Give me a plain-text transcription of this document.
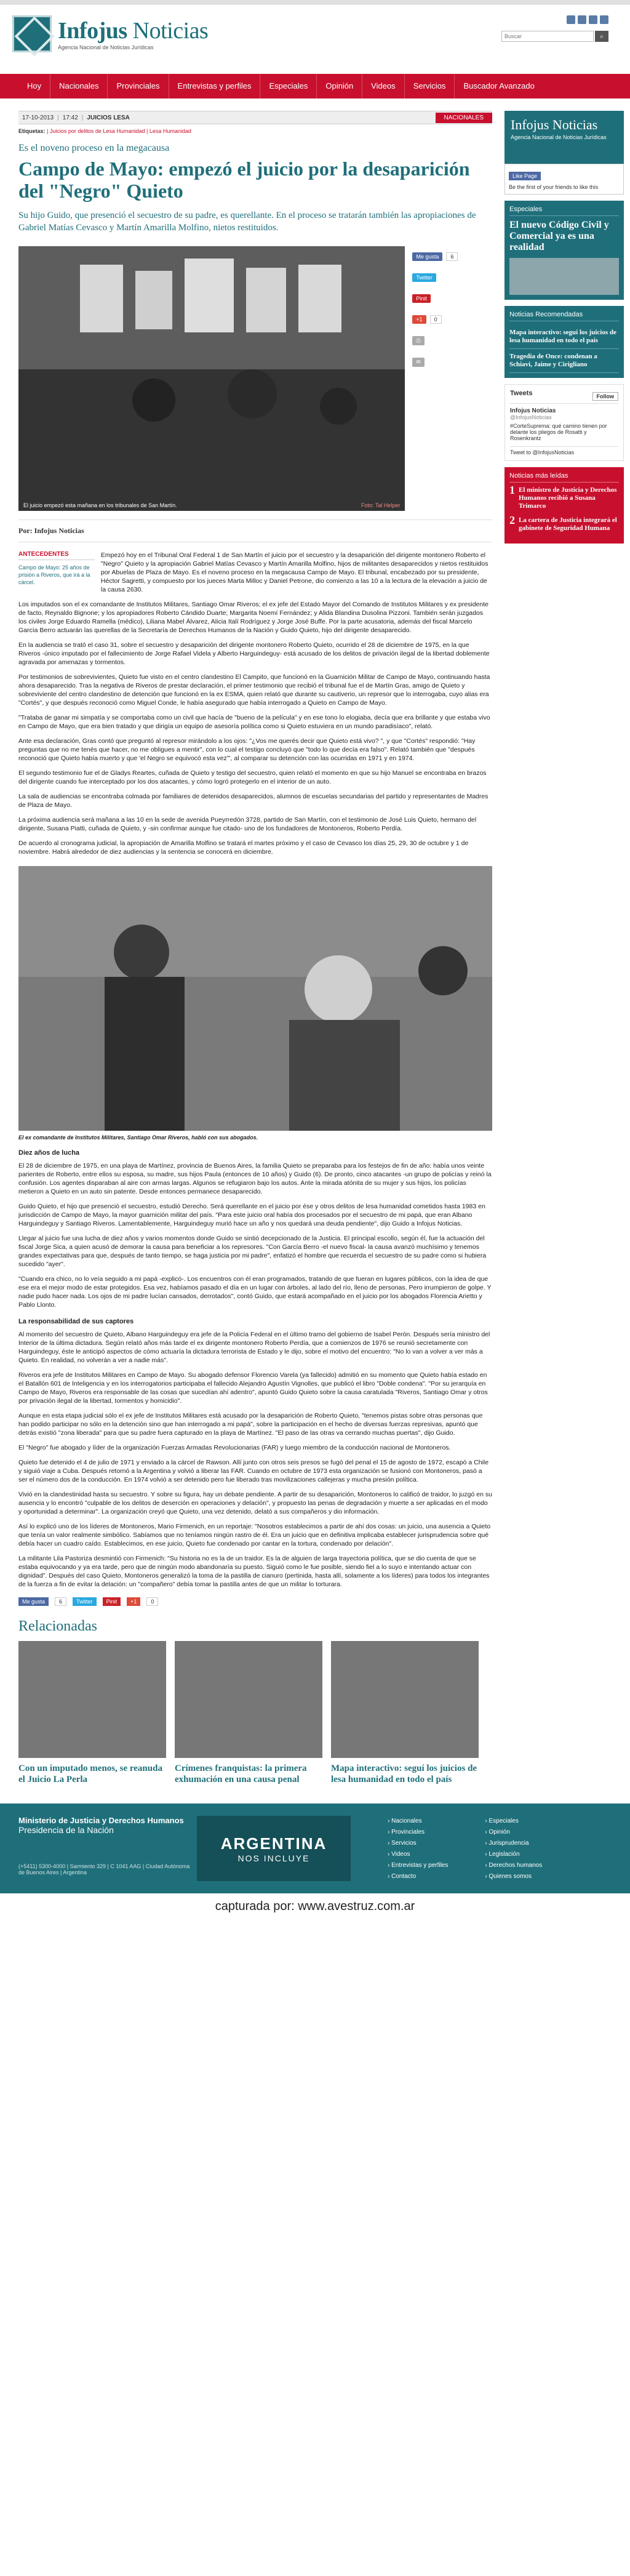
Infojus Noticias
Agencia Nacional de Noticias Jurídicas
Buscar
⌕
Hoy	Nacionales	Provinciales	Entrevistas y perfiles	Especiales	Opinión	Videos	Servicios	Buscador Avanzado
17-10-2013 | 17:42 | JUICIOS LESA	NACIONALES
Etiquetas: | Juicios por delitos de Lesa Humanidad | Lesa Humanidad
Es el noveno proceso en la megacausa
Campo de Mayo: empezó el juicio por la desaparición del "Negro" Quieto
Su hijo Guido, que presenció el secuestro de su padre, es querellante. En el proceso se tratarán también las apropiaciones de Gabriel Matías Cevasco y Martín Amarilla Molfino, nietos restituidos.
El juicio empezó esta mañana en los tribunales de San Martín.	Foto: Tal Helper
Me gusta	6
Twitter
Pinit
+1	0
⎙
✉
Por: Infojus Noticias
ANTECEDENTES
Campo de Mayo: 25 años de prisión a Riveros, que irá a la cárcel.

Empezó hoy en el Tribunal Oral Federal 1 de San Martín el juicio por el secuestro y la desaparición del dirigente montonero Roberto el "Negro" Quieto y la apropiación Gabriel Matías Cevasco y Martín Amarilla Molfino, hijos de militantes desaparecidos y nietos restituidos por Abuelas de Plaza de Mayo. Es el noveno proceso en la megacausa Campo de Mayo. El tribunal, encabezado por su presidente, Héctor Sagretti, y compuesto por los jueces Marta Milloc y Daniel Petrone, dio comienzo a las 10 a la lectura de la elevación a juicio de la causa 2630.

Los imputados son el ex comandante de Institutos Militares, Santiago Omar Riveros; el ex jefe del Estado Mayor del Comando de Institutos Militares y ex presidente de facto, Reynaldo Bignone; y los apropiadores Roberto Cándido Duarte; Margarita Noemí Fernández; y Alida Blandina Dusolina Pizzoni. También serán juzgados los civiles Jorge Eduardo Ramella (médico), Liliana Mabel Álvarez, Alicia Italí Rodríguez y Jorge José Buffe. Por la parte acusatoria, además del fiscal Marcelo García Berro actuarán las querellas de la Secretaría de Derechos Humanos de la Nación y Guido Quieto, hijo del dirigente desaparecido.

En la audiencia se trató el caso 31, sobre el secuestro y desaparición del dirigente montonero Roberto Quieto, ocurrido el 28 de diciembre de 1975, en la que Riveros -único imputado por el fallecimiento de Jorge Rafael Videla y Alberto Harguindeguy- está acusado de los delitos de privación ilegal de la libertad doblemente agravada por amenazas y tormentos.

Por testimonios de sobrevivientes, Quieto fue visto en el centro clandestino El Campito, que funcionó en la Guarnición Militar de Campo de Mayo, continuando hasta ahora desaparecido. Tras la negativa de Riveros de prestar declaración, el primer testimonio que recibió el tribunal fue el de Martín Gras, amigo de Quieto y sobreviviente del centro clandestino de detención que funcionó en la ex ESMA, quien relató que durante su cautiverio, un represor que lo interrogaba, cuyo alias era "Cortés", y que después reconoció como Miguel Conde, le había asegurado que había interrogado a Quieto en Campo de Mayo.

"Trataba de ganar mi simpatía y se comportaba como un civil que hacía de "bueno de la película" y en ese tono lo elogiaba, decía que era brillante y que estaba vivo en Campo de Mayo, que era bien tratado y que dirigía un equipo de asesoría política como si Quieto estuviera en un mundo paradisíaco", relató.

Ante esa declaración, Gras contó que preguntó al represor mirándolo a los ojos: "¿Vos me querés decir que Quieto está vivo? ", y que "Cortés" respondió: "Hay preguntas que no me tenés que hacer, no me obligues a mentir", con lo cual el testigo concluyó que "todo lo que decía era falso". Relató también que "después reconoció que Quieto había muerto y que 'el Negro se equivocó esta vez'", al comparar su detención con las ocurridas en 1971 y en 1974.

El segundo testimonio fue el de Gladys Reartes, cuñada de Quieto y testigo del secuestro, quien relató el momento en que su hijo Manuel se encontraba en brazos del dirigente cuando fue interceptado por los dos atacantes, y cómo logró protegerlo en el interior de un auto.

La sala de audiencias se encontraba colmada por familiares de detenidos desaparecidos, alumnos de escuelas secundarias del partido y representantes de Madres de Plaza de Mayo.

La próxima audiencia será mañana a las 10 en la sede de avenida Pueyrredón 3728, partido de San Martín, con el testimonio de José Luis Quieto, hermano del dirigente, Susana Piatti, cuñada de Quieto, y -sin confirmar aunque fue citado- uno de los fundadores de Montoneros, Roberto Perdía.

De acuerdo al cronograma judicial, la apropiación de Amarilla Molfino se tratará el martes próximo y el caso de Cevasco los días 25, 29, 30 de octubre y 1 de noviembre. Habrá alrededor de diez audiencias y la sentencia se conocerá en diciembre.

El ex comandante de Institutos Militares, Santiago Omar Riveros, habló con sus abogados.
Diez años de lucha

El 28 de diciembre de 1975, en una playa de Martínez, provincia de Buenos Aires, la familia Quieto se preparaba para los festejos de fin de año: había unos veinte parientes de Roberto, entre ellos su esposa, su madre, sus hijos Paula (entonces de 10 años) y Guido (6). De pronto, cinco atacantes -un grupo de policías y reinó la confusión. Los agentes disparaban al aire con armas largas. Algunos se refugiaron bajo los autos. Ante la mirada atónita de su mujer y sus hijos, los policías metieron a Quieto en un auto sin patente. Desde entonces permanece desaparecido.

Guido Quieto, el hijo que presenció el secuestro, estudió Derecho. Será querellante en el juicio por ése y otros delitos de lesa humanidad cometidos hasta 1983 en jurisdicción de Campo de Mayo, la mayor guarnición militar del país. "Para este juicio oral había dos procesados por el secuestro de mi papá, que eran Albano Harguindeguy y Santiago Riveros. Lamentablemente, Harguindeguy murió hace un año y nos quedará una deuda pendiente", dijo Guido a Infojus Noticias.

Llegar al juicio fue una lucha de diez años y varios momentos donde Guido se sintió decepcionado de la Justicia. El principal escollo, según él, fue la actuación del fiscal Jorge Sica, a quien acusó de demorar la causa para beneficiar a los represores. "Con García Berro -el nuevo fiscal- la causa avanzó muchísimo y tenemos grandes expectativas para que, después de tanto tiempo, se haga justicia por mi padre", enfatizó el hombre que recuerda el secuestro de su padre como si hubiera sucedido "ayer".

"Cuando era chico, no lo veía seguido a mi papá -explicó-. Los encuentros con él eran programados, tratando de que fueran en lugares públicos, con la idea de que ese era el mejor modo de estar protegidos. Esa vez, habíamos pasado el día en un lugar con árboles, al lado del río, lleno de personas. Pero irrumpieron de golpe. Y nadie pudo hacer nada. Los ojos de mi padre lucían cansados, derrotados", contó Guido, que estará acompañado en el juicio por los abogados Florencia Arietto y Pablo Llonto.

La responsabilidad de sus captores

Al momento del secuestro de Quieto, Albano Harguindeguy era jefe de la Policía Federal en el último tramo del gobierno de Isabel Perón. Después sería ministro del Interior de la última dictadura. Según relató años más tarde el ex dirigente montonero Roberto Perdía, que a comienzos de 1976 se reunió secretamente con Harguindeguy, éste le anticipó aspectos de cómo actuaría la dictadura terrorista de Estado y le dijo, sobre el motivo del encuentro: "No lo van a volver a ver más a Quieto. En realidad, no volverán a ver a nadie más".

Riveros era jefe de Institutos Militares en Campo de Mayo. Su abogado defensor Florencio Varela (ya fallecido) admitió en su momento que Quieto había estado en el Batallón 601 de Inteligencia y en los interrogatorios participaba el fallecido Alejandro Agustín Vignolles, que publicó el libro "Doble condena". "Por su jerarquía en Campo de Mayo, Riveros era responsable de las cosas que sucedían ahí adentro", apuntó Guido Quieto sobre la causa caratulada "Riveros, Santiago Omar y otros por privación ilegal de la libertad, tormentos y homicidio".

Aunque en esta etapa judicial sólo el ex jefe de Institutos Militares está acusado por la desaparición de Roberto Quieto, "tenemos pistas sobre otras personas que han podido participar no sólo en la detención sino que han interrogado a mi papá", sobre la participación en el hecho de diversas fuerzas represivas, apuntó que detrás existió "zona liberada" para que su padre fuera capturado en la playa de Martínez. "El paso de las otras va cerrando muchas puertas", dijo Guido.

El "Negro" fue abogado y líder de la organización Fuerzas Armadas Revolucionarias (FAR) y luego miembro de la conducción nacional de Montoneros.

Quieto fue detenido el 4 de julio de 1971 y enviado a la cárcel de Rawson. Allí junto con otros seis presos se fugó del penal el 15 de agosto de 1972, escapó a Chile y siguió viaje a Cuba. Después retornó a la Argentina y volvió a liberar las FAR. Cuando en octubre de 1973 esta organización se fusionó con Montoneros, pasó a ser el número dos de la conducción. En 1974 volvió a ser detenido pero fue liberado tras movilizaciones callejeras y mucha presión política.

Vivió en la clandestinidad hasta su secuestro. Y sobre su figura, hay un debate pendiente. A partir de su desaparición, Montoneros lo calificó de traidor, lo juzgó en su ausencia y lo encontró "culpable de los delitos de deserción en operaciones y delación", y propuesto las penas de degradación y muerte a ser aplicadas en el modo y oportunidad a determinar". La organización creyó que Quieto, una vez detenido, delató a sus compañeros y dio información.

Así lo explicó uno de los líderes de Montoneros, Mario Firmenich, en un reportaje: "Nosotros establecimos a partir de ahí dos cosas: un juicio, una ausencia a Quieto que tenía un valor realmente simbólico. Sabíamos que no teníamos ningún rastro de él. Era un juicio que en definitiva implicaba establecer jurisprudencia sobre qué debía hacer un cuadro caído. Establecimos, en ese juicio, Quieto fue condenado por cantar en la tortura, condenado por delación".

La militante Lila Pastoriza desmintió con Firmenich: "Su historia no es la de un traidor. Es la de alguien de larga trayectoria política, que se dio cuenta de que se estaba equivocando y ya era tarde, pero que de ningún modo abandonaría su puesto. Siguió como le fue posible, siendo fiel a lo suyo e intentando actuar con dignidad". Después del caso Quieto, Montoneros generalizó la toma de la pastilla de cianuro (pertinida, hasta allí, solamente a los líderes) para todos los integrantes de la fuerza a fin de evitar la delación: un "compañero" debía tomar la pastilla antes de que un militar lo torturara.

Me gusta	6	Twitter	Pinit	+1	0
Infojus Noticias
Agencia Nacional de Noticias Jurídicas
Like Page
Be the first of your friends to like this
Especiales
El nuevo Código Civil y Comercial ya es una realidad
Noticias Recomendadas
Mapa interactivo: seguí los juicios de lesa humanidad en todo el país
Tragedia de Once: condenan a Schiavi, Jaime y Cirigliano
Tweets	Follow
Infojus Noticias
@InfojusNoticias
#CorteSuprema: qué camino tienen por delante los pliegos de Rosatti y Rosenkrantz
Tweet to @InfojusNoticias
Noticias más leídas
1 El ministro de Justicia y Derechos Humanos recibió a Susana Trimarco
2 La cartera de Justicia integrará el gabinete de Seguridad Humana
Relacionadas
Con un imputado menos, se reanuda el Juicio La Perla
Crímenes franquistas: la primera exhumación en una causa penal
Mapa interactivo: seguí los juicios de lesa humanidad en todo el país
Ministerio de Justicia y Derechos Humanos
Presidencia de la Nación
(+5411) 5300-4000 | Sarmiento 329 | C 1041 AAG | Ciudad Autónoma de Buenos Aires | Argentina
ARGENTINA
NOS INCLUYE
› Nacionales
› Provinciales
› Servicios
› Videos
› Entrevistas y perfiles
› Contacto
› Especiales
› Opinión
› Jurisprudencia
› Legislación
› Derechos humanos
› Quienes somos
capturada por: www.avestruz.com.ar
